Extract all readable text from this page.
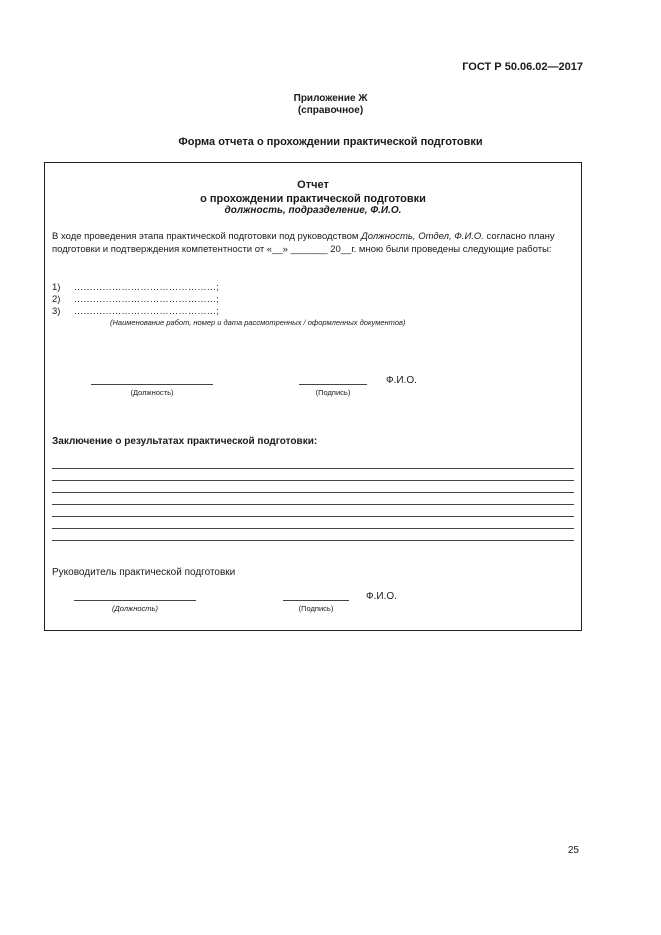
ГОСТ Р 50.06.02—2017
Приложение Ж
(справочное)
Форма отчета о прохождении практической подготовки
Отчет
о прохождении практической подготовки
должность, подразделение, Ф.И.О.
В ходе проведения этапа практической подготовки под руководством Должность, Отдел, Ф.И.О. согласно плану
подготовки и подтверждения компетентности от «__» _______ 20__г. мною были проведены следующие работы:
1) ………………………………………;
2) ………………………………………;
3) ………………………………………;
(Наименование работ, номер и дата рассмотренных / оформленных документов)
Ф.И.О.
(Должность)	(Подпись)
Заключение о результатах практической подготовки:
Руководитель практической подготовки
Ф.И.О.
(Должность)	(Подпись)
25
